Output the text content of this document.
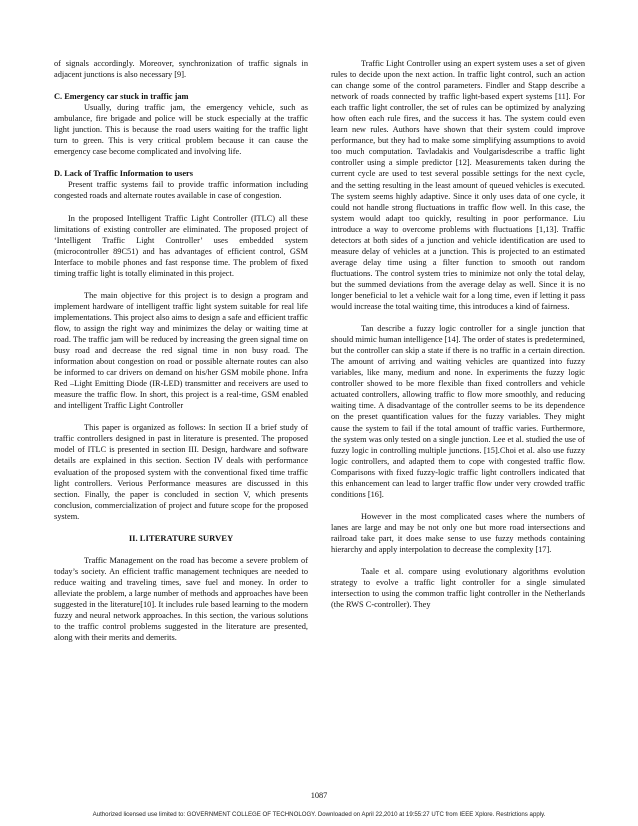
of signals accordingly. Moreover, synchronization of traffic signals in adjacent junctions is also necessary [9].

C. Emergency car stuck in traffic jam

Usually, during traffic jam, the emergency vehicle, such as ambulance, fire brigade and police will be stuck especially at the traffic light junction. This is because the road users waiting for the traffic light turn to green. This is very critical problem because it can cause the emergency case become complicated and involving life.

D. Lack of Traffic Information to users

Present traffic systems fail to provide traffic information including congested roads and alternate routes available in case of congestion.

In the proposed Intelligent Traffic Light Controller (ITLC) all these limitations of existing controller are eliminated. The proposed project of ‘Intelligent Traffic Light Controller’ uses embedded system (microcontroller 89C51) and has advantages of efficient control, GSM Interface to mobile phones and fast response time. The problem of fixed timing traffic light is totally eliminated in this project.

The main objective for this project is to design a program and implement hardware of intelligent traffic light system suitable for real life implementations. This project also aims to design a safe and efficient traffic flow, to assign the right way and minimizes the delay or waiting time at road. The traffic jam will be reduced by increasing the green signal time on busy road and decrease the red signal time in non busy road. The information about congestion on road or possible alternate routes can also be informed to car drivers on demand on his/her GSM mobile phone. Infra Red –Light Emitting Diode (IR-LED) transmitter and receivers are used to measure the traffic flow. In short, this project is a real-time, GSM enabled and intelligent Traffic Light Controller

This paper is organized as follows: In section II a brief study of traffic controllers designed in past in literature is presented. The proposed model of ITLC is presented in section III. Design, hardware and software details are explained in this section. Section IV deals with performance evaluation of the proposed system with the conventional fixed time traffic light controllers. Verious Performance measures are discussed in this section. Finally, the paper is concluded in section V, which presents conclusion, commercialization of project and future scope for the proposed system.

II. LITERATURE SURVEY

Traffic Management on the road has become a severe problem of today’s society. An efficient traffic management techniques are needed to reduce waiting and traveling times, save fuel and money. In order to alleviate the problem, a large number of methods and approaches have been suggested in the literature[10]. It includes rule based learning to the modern fuzzy and neural network approaches. In this section, the various solutions to the traffic control problems suggested in the literature are presented, along with their merits and demerits.

Traffic Light Controller using an expert system uses a set of given rules to decide upon the next action. In traffic light control, such an action can change some of the control parameters. Findler and Stapp describe a network of roads connected by traffic light-based expert systems [11]. For each traffic light controller, the set of rules can be optimized by analyzing how often each rule fires, and the success it has. The system could even learn new rules. Authors have shown that their system could improve performance, but they had to make some simplifying assumptions to avoid too much computation. Tavladakis and Voulgarisdescribe a traffic light controller using a simple predictor [12]. Measurements taken during the current cycle are used to test several possible settings for the next cycle, and the setting resulting in the least amount of queued vehicles is executed. The system seems highly adaptive. Since it only uses data of one cycle, it could not handle strong fluctuations in traffic flow well. In this case, the system would adapt too quickly, resulting in poor performance. Liu introduce a way to overcome problems with fluctuations [1,13]. Traffic detectors at both sides of a junction and vehicle identification are used to measure delay of vehicles at a junction. This is projected to an estimated average delay time using a filter function to smooth out random fluctuations. The control system tries to minimize not only the total delay, but the summed deviations from the average delay as well. Since it is no longer beneficial to let a vehicle wait for a long time, even if letting it pass would increase the total waiting time, this introduces a kind of fairness.

Tan describe a fuzzy logic controller for a single junction that should mimic human intelligence [14]. The order of states is predetermined, but the controller can skip a state if there is no traffic in a certain direction. The amount of arriving and waiting vehicles are quantized into fuzzy variables, like many, medium and none. In experiments the fuzzy logic controller showed to be more flexible than fixed controllers and vehicle actuated controllers, allowing traffic to flow more smoothly, and reducing waiting time. A disadvantage of the controller seems to be its dependence on the preset quantification values for the fuzzy variables. They might cause the system to fail if the total amount of traffic varies. Furthermore, the system was only tested on a single junction. Lee et al. studied the use of fuzzy logic in controlling multiple junctions. [15].Choi et al. also use fuzzy logic controllers, and adapted them to cope with congested traffic flow. Comparisons with fixed fuzzy-logic traffic light controllers indicated that this enhancement can lead to larger traffic flow under very crowded traffic conditions [16].

However in the most complicated cases where the numbers of lanes are large and may be not only one but more road intersections and railroad take part, it does make sense to use fuzzy methods containing hierarchy and apply interpolation to decrease the complexity [17].

Taale et al. compare using evolutionary algorithms evolution strategy to evolve a traffic light controller for a single simulated intersection to using the common traffic light controller in the Netherlands (the RWS C-controller). They

1087
Authorized licensed use limited to: GOVERNMENT COLLEGE OF TECHNOLOGY. Downloaded on April 22,2010 at 19:55:27 UTC from IEEE Xplore. Restrictions apply.
